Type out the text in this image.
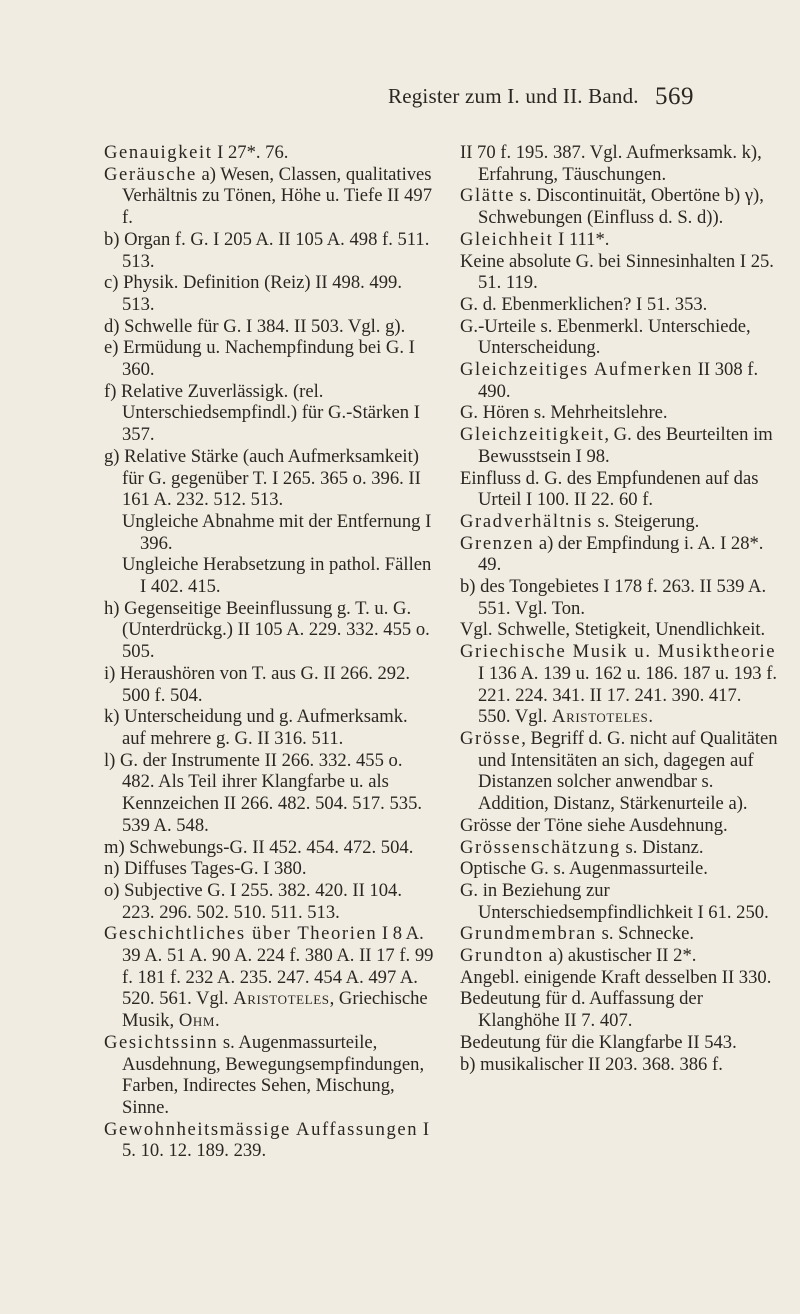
Register zum I. und II. Band. 569

Genauigkeit I 27*. 76.

Geräusche a) Wesen, Classen, qualitatives Verhältnis zu Tönen, Höhe u. Tiefe II 497 f.

b) Organ f. G. I 205 A. II 105 A. 498 f. 511. 513.

c) Physik. Definition (Reiz) II 498. 499. 513.

d) Schwelle für G. I 384. II 503. Vgl. g).

e) Ermüdung u. Nachempfindung bei G. I 360.

f) Relative Zuverlässigk. (rel. Unterschiedsempfindl.) für G.-Stärken I 357.

g) Relative Stärke (auch Aufmerksamkeit) für G. gegenüber T. I 265. 365 o. 396. II 161 A. 232. 512. 513.

Ungleiche Abnahme mit der Entfernung I 396.

Ungleiche Herabsetzung in pathol. Fällen I 402. 415.

h) Gegenseitige Beeinflussung g. T. u. G. (Unterdrückg.) II 105 A. 229. 332. 455 o. 505.

i) Heraushören von T. aus G. II 266. 292. 500 f. 504.

k) Unterscheidung und g. Aufmerksamk. auf mehrere g. G. II 316. 511.

l) G. der Instrumente II 266. 332. 455 o. 482. Als Teil ihrer Klangfarbe u. als Kennzeichen II 266. 482. 504. 517. 535. 539 A. 548.

m) Schwebungs-G. II 452. 454. 472. 504.

n) Diffuses Tages-G. I 380.

o) Subjective G. I 255. 382. 420. II 104. 223. 296. 502. 510. 511. 513.

Geschichtliches über Theorien I 8 A. 39 A. 51 A. 90 A. 224 f. 380 A. II 17 f. 99 f. 181 f. 232 A. 235. 247. 454 A. 497 A. 520. 561. Vgl. Aristoteles, Griechische Musik, Ohm.

Gesichtssinn s. Augenmassurteile, Ausdehnung, Bewegungsempfindungen, Farben, Indirectes Sehen, Mischung, Sinne.

Gewohnheitsmässige Auffassungen I 5. 10. 12. 189. 239.

II 70 f. 195. 387. Vgl. Aufmerksamk. k), Erfahrung, Täuschungen.

Glätte s. Discontinuität, Obertöne b) γ), Schwebungen (Einfluss d. S. d)).

Gleichheit I 111*.

Keine absolute G. bei Sinnesinhalten I 25. 51. 119.

G. d. Ebenmerklichen? I 51. 353.

G.-Urteile s. Ebenmerkl. Unterschiede, Unterscheidung.

Gleichzeitiges Aufmerken II 308 f. 490.

G. Hören s. Mehrheitslehre.

Gleichzeitigkeit, G. des Beurteilten im Bewusstsein I 98.

Einfluss d. G. des Empfundenen auf das Urteil I 100. II 22. 60 f.

Gradverhältnis s. Steigerung.

Grenzen a) der Empfindung i. A. I 28*. 49.

b) des Tongebietes I 178 f. 263. II 539 A. 551. Vgl. Ton.

Vgl. Schwelle, Stetigkeit, Unendlichkeit.

Griechische Musik u. Musiktheorie I 136 A. 139 u. 162 u. 186. 187 u. 193 f. 221. 224. 341. II 17. 241. 390. 417. 550. Vgl. Aristoteles.

Grösse, Begriff d. G. nicht auf Qualitäten und Intensitäten an sich, dagegen auf Distanzen solcher anwendbar s. Addition, Distanz, Stärkenurteile a).

Grösse der Töne siehe Ausdehnung.

Grössenschätzung s. Distanz.

Optische G. s. Augenmassurteile.

G. in Beziehung zur Unterschiedsempfindlichkeit I 61. 250.

Grundmembran s. Schnecke.

Grundton a) akustischer II 2*.

Angebl. einigende Kraft desselben II 330.

Bedeutung für d. Auffassung der Klanghöhe II 7. 407.

Bedeutung für die Klangfarbe II 543.

b) musikalischer II 203. 368. 386 f.
